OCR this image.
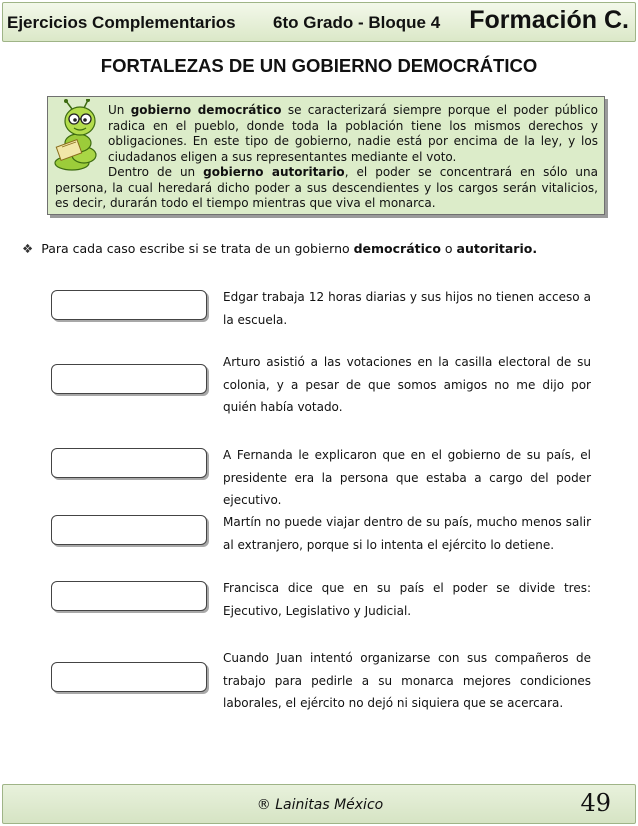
Ejercicios Complementarios 6to Grado - Bloque 4 Formación C.
FORTALEZAS DE UN GOBIERNO DEMOCRÁTICO

Un gobierno democrático se caracterizará siempre porque el poder público radica en el pueblo, donde toda la población tiene los mismos derechos y obligaciones. En este tipo de gobierno, nadie está por encima de la ley, y los ciudadanos eligen a sus representantes mediante el voto.

Dentro de un gobierno autoritario, el poder se concentrará en sólo una persona, la cual heredará dicho poder a sus descendientes y los cargos serán vitalicios, es decir, durarán todo el tiempo mientras que viva el monarca.

❖ Para cada caso escribe si se trata de un gobierno democrático o autoritario.

Edgar trabaja 12 horas diarias y sus hijos no tienen acceso a la escuela.

Arturo asistió a las votaciones en la casilla electoral de su colonia, y a pesar de que somos amigos no me dijo por quién había votado.

A Fernanda le explicaron que en el gobierno de su país, el presidente era la persona que estaba a cargo del poder ejecutivo.

Martín no puede viajar dentro de su país, mucho menos salir al extranjero, porque si lo intenta el ejército lo detiene.

Francisca dice que en su país el poder se divide tres: Ejecutivo, Legislativo y Judicial.

Cuando Juan intentó organizarse con sus compañeros de trabajo para pedirle a su monarca mejores condiciones laborales, el ejército no dejó ni siquiera que se acercara.

® Lainitas México	49
